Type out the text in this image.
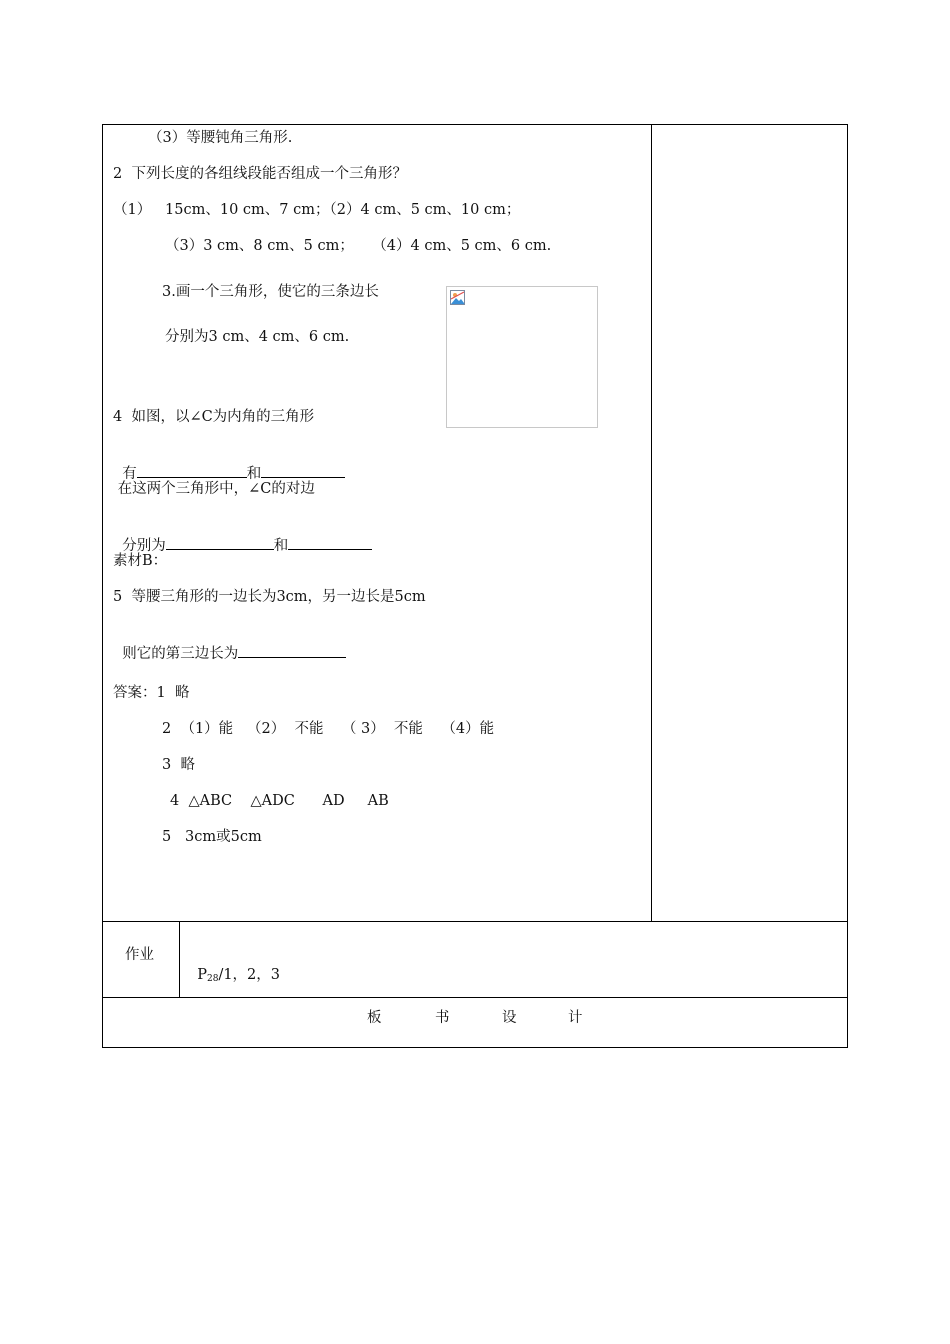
（3）等腰钝角三角形.
2  下列长度的各组线段能否组成一个三角形？
（1）   15cm、10 cm、7 cm；（2）4 cm、5 cm、10 cm；
（3）3 cm、8 cm、5 cm；    （4）4 cm、5 cm、6 cm.
3.画一个三角形，使它的三条边长
分别为3 cm、4 cm、6 cm.
4  如图，以∠C为内角的三角形

有	和

在这两个三角形中，∠C的对边

分别为	和

素材B：
5  等腰三角形的一边长为3cm，另一边长是5cm

则它的第三边长为

答案：1  略
2  （1）能   （2）  不能    （ 3）  不能    （4）能
3  略
4  △ABC    △ADC      AD     AB
5   3cm或5cm
作业

$P_{28}/1$，2，3

板	书	设	计
